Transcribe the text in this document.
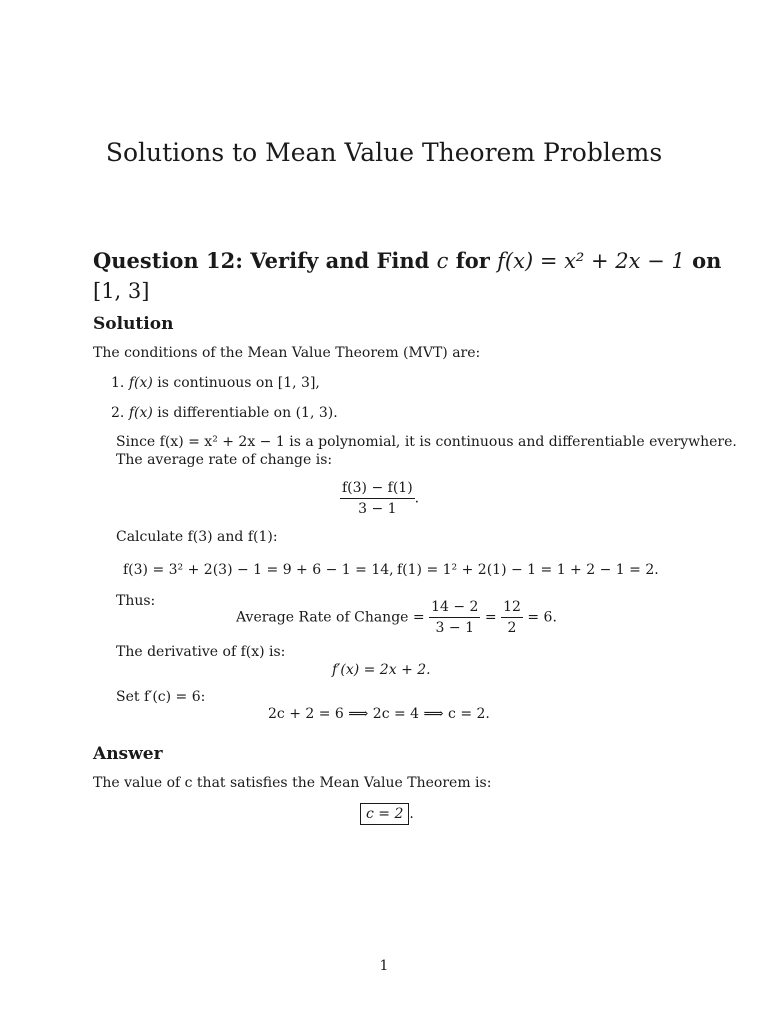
Solutions to Mean Value Theorem Problems
Question 12: Verify and Find c for f(x) = x² + 2x − 1 on
[1, 3]
Solution
The conditions of the Mean Value Theorem (MVT) are:
1. f(x) is continuous on [1, 3],
2. f(x) is differentiable on (1, 3).
Since f(x) = x² + 2x − 1 is a polynomial, it is continuous and differentiable everywhere.
The average rate of change is:
$\frac{f(3) - f(1)}{3 - 1}$ .
Calculate f(3) and f(1):
f(3) = 3² + 2(3) − 1 = 9 + 6 − 1 = 14, f(1) = 1² + 2(1) − 1 = 1 + 2 − 1 = 2.
Thus:
Average Rate of Change = $\frac{14 - 2}{3 - 1} = \frac{12}{2} = 6$.
The derivative of f(x) is:
f′(x) = 2x + 2.
Set f′(c) = 6:
2c + 2 = 6 ⟹ 2c = 4 ⟹ c = 2.
Answer
The value of c that satisfies the Mean Value Theorem is:
c = 2 .
1
